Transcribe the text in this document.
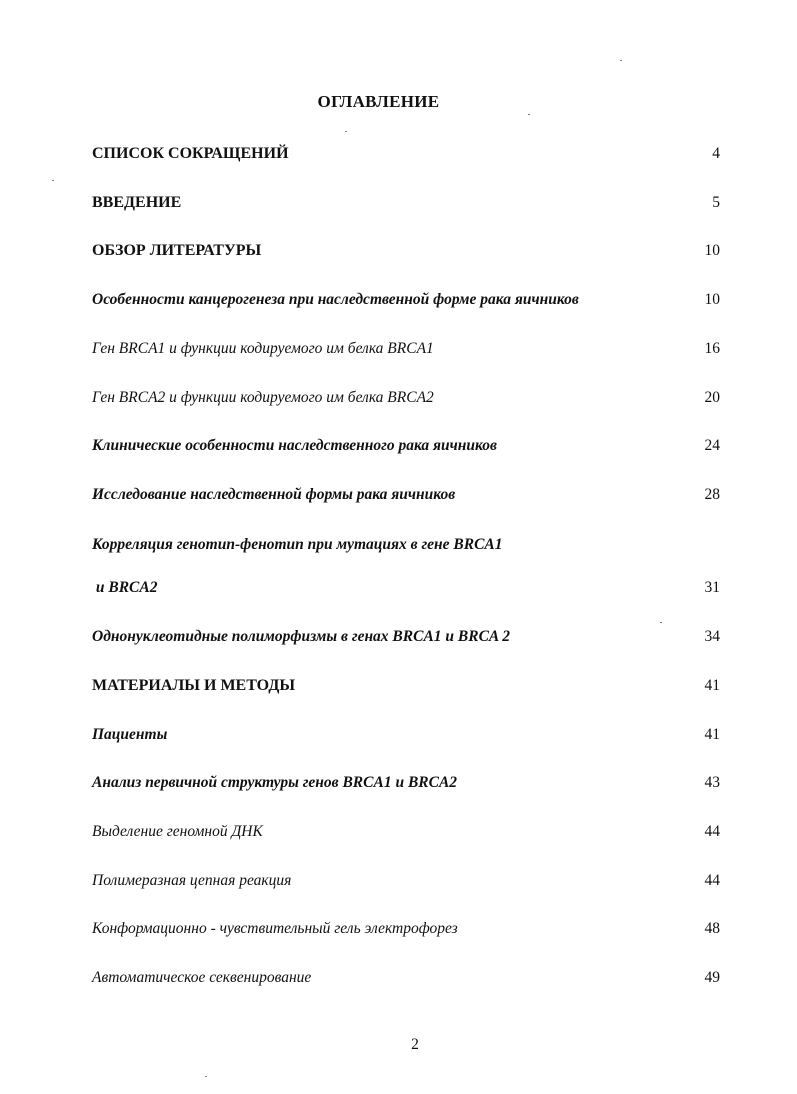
ОГЛАВЛЕНИЕ
СПИСОК СОКРАЩЕНИЙ	4
ВВЕДЕНИЕ	5
ОБЗОР ЛИТЕРАТУРЫ	10
Особенности канцерогенеза при наследственной форме рака яичников	10
Ген BRCA1 и функции кодируемого им белка BRCA1	16
Ген BRCA2 и функции кодируемого им белка BRCA2	20
Клинические особенности наследственного рака яичников	24
Исследование наследственной формы рака яичников	28
Корреляция генотип-фенотип при мутациях в гене BRCA1
и BRCA2	31
Однонуклеотидные полиморфизмы в генах BRCA1 и BRCA 2	34
МАТЕРИАЛЫ И МЕТОДЫ	41
Пациенты	41
Анализ первичной структуры генов BRCA1 и BRCA2	43
Выделение геномной ДНК	44
Полимеразная цепная реакция	44
Конформационно - чувствительный гель электрофорез	48
Автоматическое секвенирование	49
2
